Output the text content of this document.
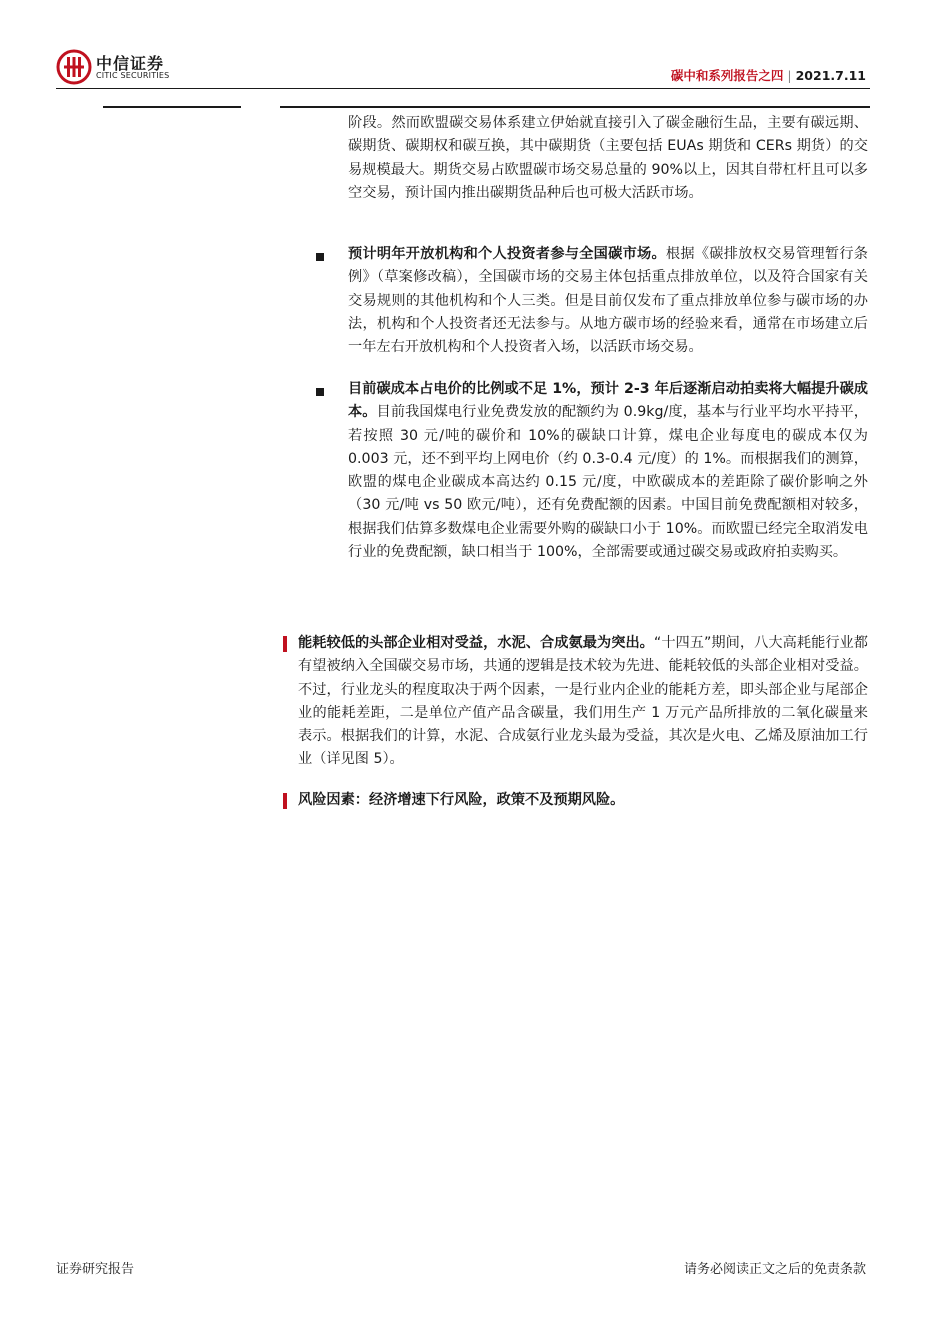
中信证券
CITIC SECURITIES	碳中和系列报告之四 | 2021.7.11
阶段。然而欧盟碳交易体系建立伊始就直接引入了碳金融衍生品，主要有碳远期、碳期货、碳期权和碳互换，其中碳期货（主要包括 EUAs 期货和 CERs 期货）的交易规模最大。期货交易占欧盟碳市场交易总量的 90%以上，因其自带杠杆且可以多空交易，预计国内推出碳期货品种后也可极大活跃市场。
预计明年开放机构和个人投资者参与全国碳市场。根据《碳排放权交易管理暂行条例》（草案修改稿），全国碳市场的交易主体包括重点排放单位，以及符合国家有关交易规则的其他机构和个人三类。但是目前仅发布了重点排放单位参与碳市场的办法，机构和个人投资者还无法参与。从地方碳市场的经验来看，通常在市场建立后一年左右开放机构和个人投资者入场，以活跃市场交易。
目前碳成本占电价的比例或不足 1%，预计 2-3 年后逐渐启动拍卖将大幅提升碳成本。目前我国煤电行业免费发放的配额约为 0.9kg/度，基本与行业平均水平持平，若按照 30 元/吨的碳价和 10%的碳缺口计算，煤电企业每度电的碳成本仅为 0.003 元，还不到平均上网电价（约 0.3-0.4 元/度）的 1%。而根据我们的测算，欧盟的煤电企业碳成本高达约 0.15 元/度，中欧碳成本的差距除了碳价影响之外（30 元/吨 vs 50 欧元/吨），还有免费配额的因素。中国目前免费配额相对较多，根据我们估算多数煤电企业需要外购的碳缺口小于 10%。而欧盟已经完全取消发电行业的免费配额，缺口相当于 100%，全部需要或通过碳交易或政府拍卖购买。
能耗较低的头部企业相对受益，水泥、合成氨最为突出。“十四五”期间，八大高耗能行业都有望被纳入全国碳交易市场，共通的逻辑是技术较为先进、能耗较低的头部企业相对受益。不过，行业龙头的程度取决于两个因素，一是行业内企业的能耗方差，即头部企业与尾部企业的能耗差距，二是单位产值产品含碳量，我们用生产 1 万元产品所排放的二氧化碳量来表示。根据我们的计算，水泥、合成氨行业龙头最为受益，其次是火电、乙烯及原油加工行业（详见图 5）。
风险因素：经济增速下行风险，政策不及预期风险。
证券研究报告	请务必阅读正文之后的免责条款
